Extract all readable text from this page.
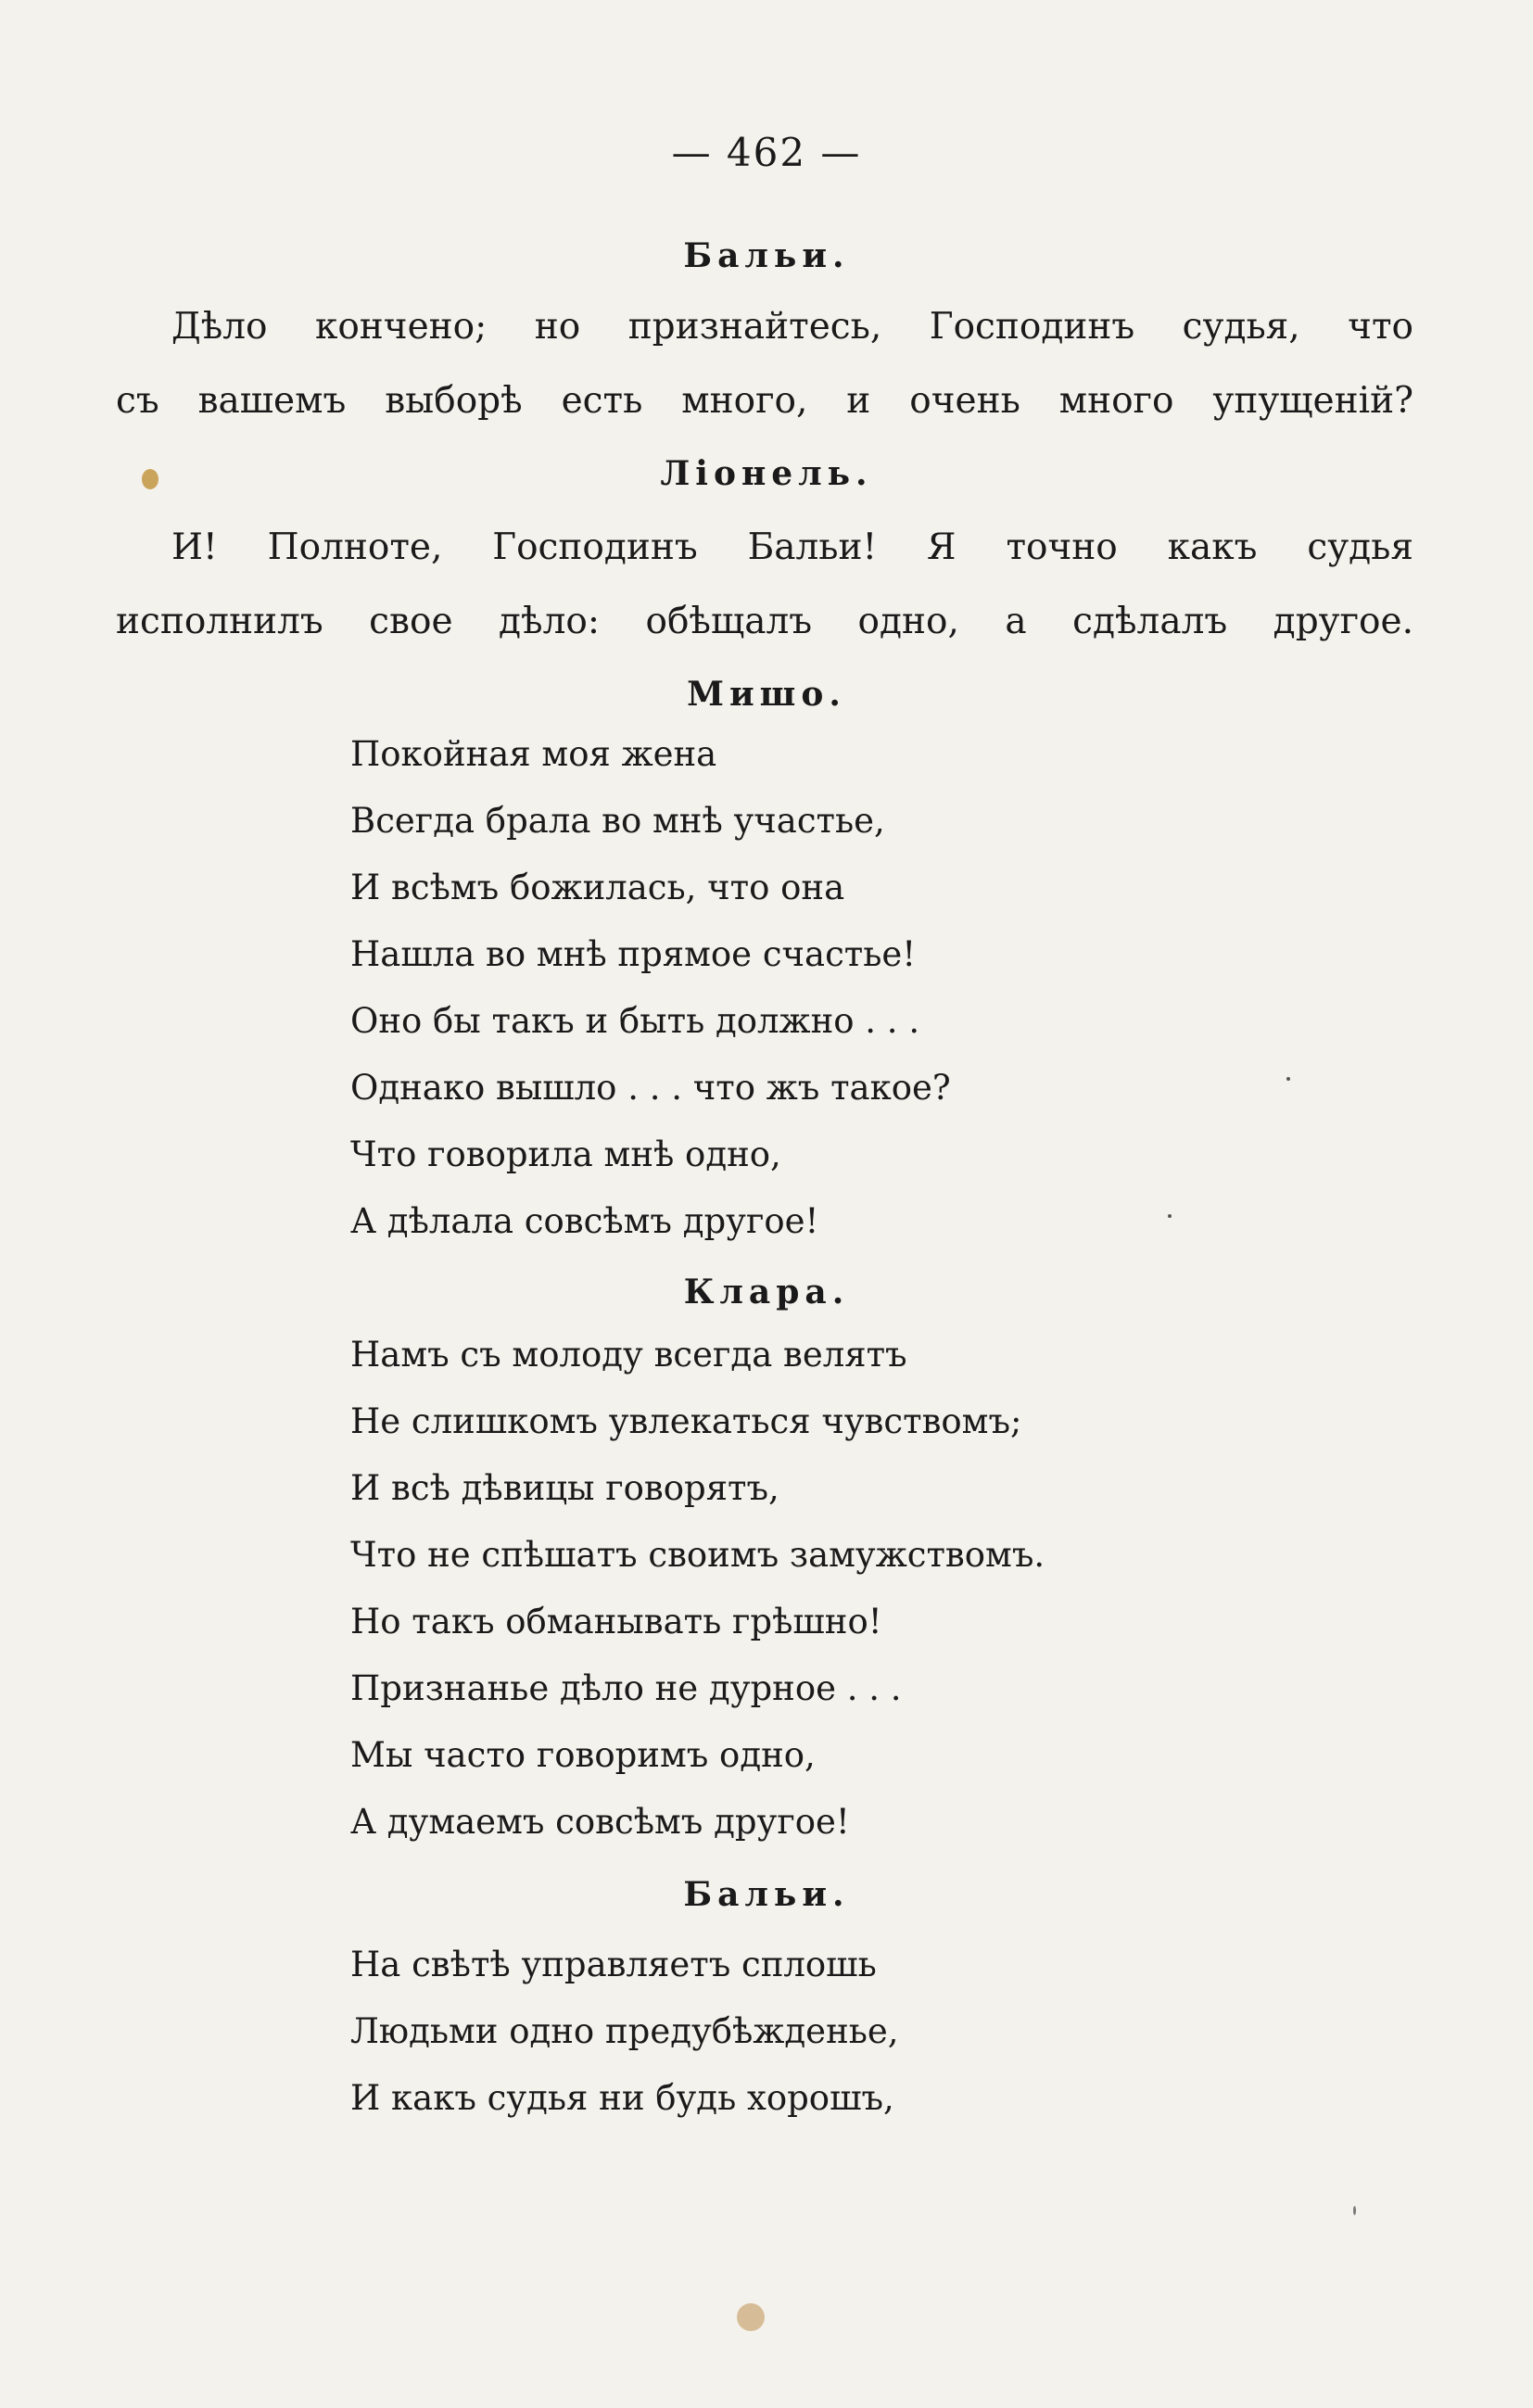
— 462 —
Бальи.
Дѣло кончено; но признайтесь, Господинъ судья, что
съ вашемъ выборѣ есть много, и очень много упущеній?
Ліонель.
И! Полноте, Господинъ Бальи! Я точно какъ судья
исполнилъ свое дѣло: обѣщалъ одно, а сдѣлалъ другое.
Мишо.
Покойная моя жена
Всегда брала во мнѣ участье,
И всѣмъ божилась, что она
Нашла во мнѣ прямое счастье!
Оно бы такъ и быть должно . . .
Однако вышло . . . что жъ такое?
Что говорила мнѣ одно,
А дѣлала совсѣмъ другое!
Клара.
Намъ съ молоду всегда велятъ
Не слишкомъ увлекаться чувствомъ;
И всѣ дѣвицы говорятъ,
Что не спѣшатъ своимъ замужствомъ.
Но такъ обманывать грѣшно!
Признанье дѣло не дурное . . .
Мы часто говоримъ одно,
А думаемъ совсѣмъ другое!
Бальи.
На свѣтѣ управляетъ сплошь
Людьми одно предубѣжденье,
И какъ судья ни будь хорошъ,
